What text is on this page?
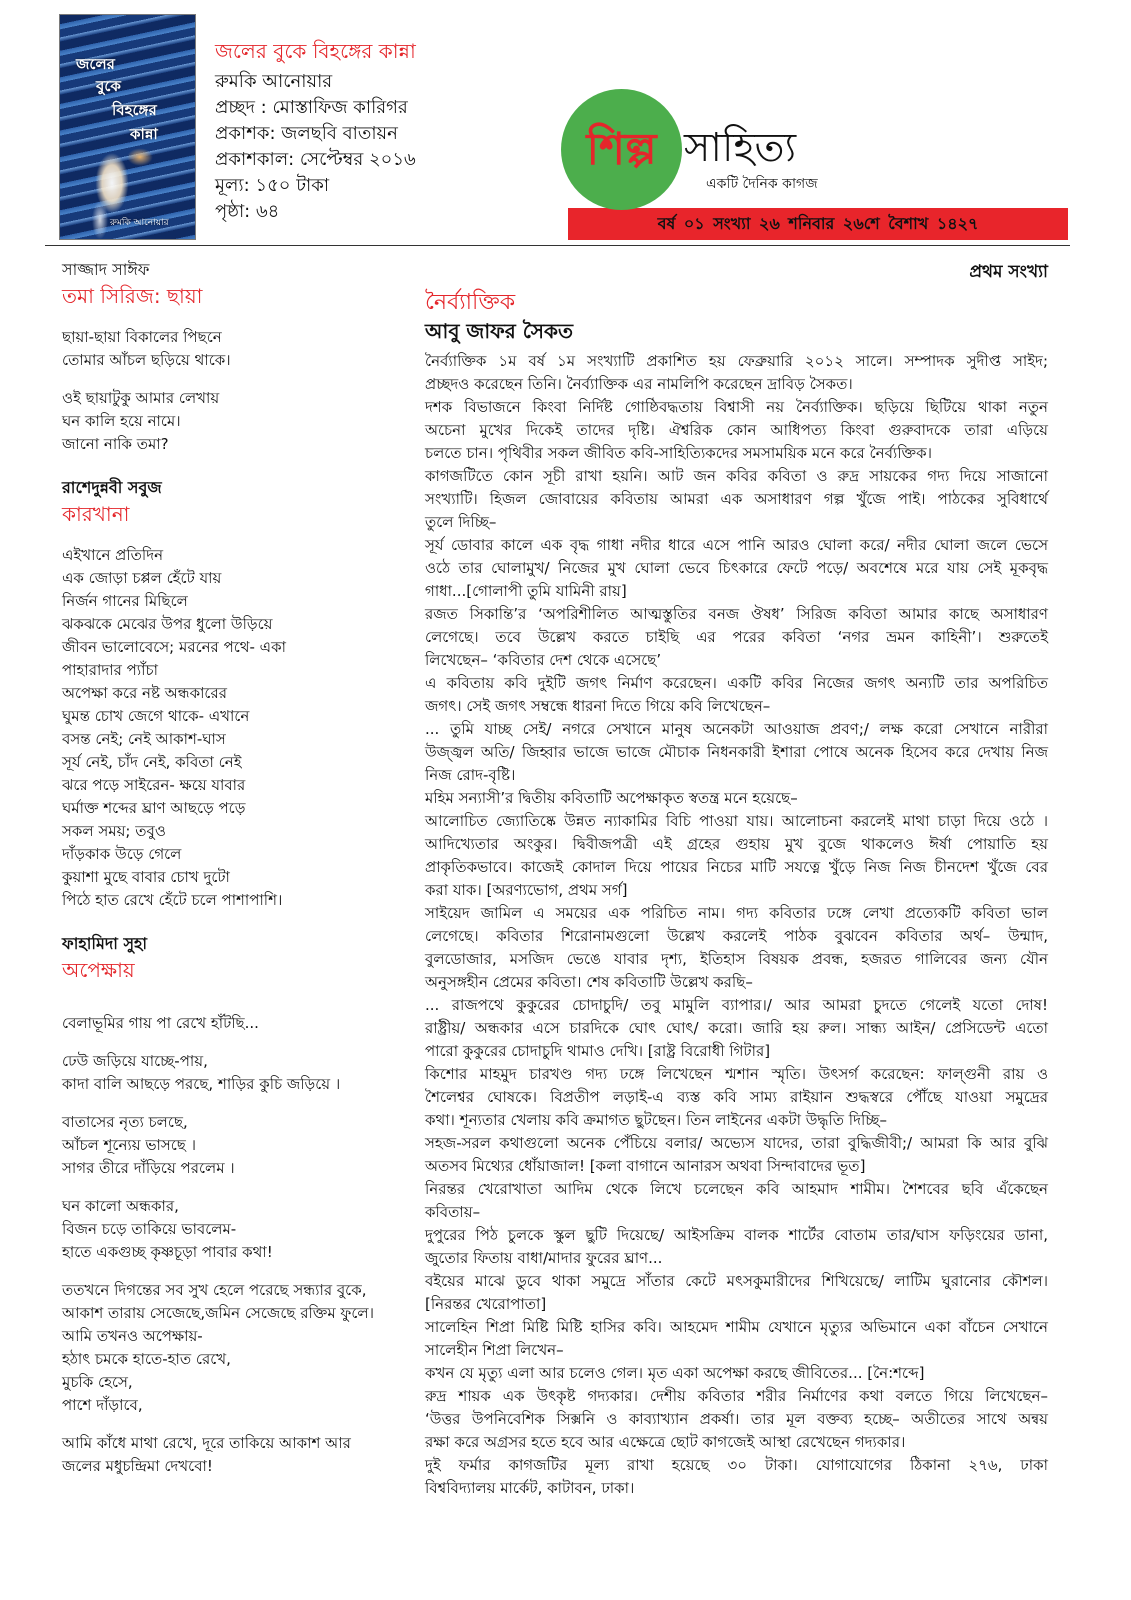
জলের
বুকে
বিহঙ্গের
কান্না
রুমকি আনোয়ার
জলের বুকে বিহঙ্গের কান্না
রুমকি আনোয়ার
প্রচ্ছদ : মোস্তাফিজ কারিগর
প্রকাশক: জলছবি বাতায়ন
প্রকাশকাল: সেপ্টেম্বর ২০১৬
মূল্য: ১৫০ টাকা
পৃষ্ঠা: ৬৪
শিল্প সাহিত্য
একটি দৈনিক কাগজ
বর্ষ ০১ সংখ্যা ২৬ শনিবার ২৬শে বৈশাখ ১৪২৭
সাজ্জাদ সাঈফ
তমা সিরিজ: ছায়া
ছায়া-ছায়া বিকালের পিছনে
তোমার আঁচল ছড়িয়ে থাকে।
ওই ছায়াটুকু আমার লেখায়
ঘন কালি হয়ে নামে।
জানো নাকি তমা?
রাশেদুন্নবী সবুজ
কারখানা
এইখানে প্রতিদিন
এক জোড়া চপ্পল হেঁটে যায়
নির্জন গানের মিছিলে
ঝকঝকে মেঝের উপর ধুলো উড়িয়ে
জীবন ভালোবেসে; মরনের পথে- একা
পাহারাদার প্যাঁচা
অপেক্ষা করে নষ্ট অন্ধকারের
ঘুমন্ত চোখ জেগে থাকে- এখানে
বসন্ত নেই; নেই আকাশ-ঘাস
সূর্য নেই, চাঁদ নেই, কবিতা নেই
ঝরে পড়ে সাইরেন- ক্ষয়ে যাবার
ঘর্মাক্ত শব্দের ঘ্রাণ আছড়ে পড়ে
সকল সময়; তবুও
দাঁড়কাক উড়ে গেলে
কুয়াশা মুছে বাবার চোখ দুটো
পিঠে হাত রেখে হেঁটে চলে পাশাপাশি।
ফাহামিদা সুহা
অপেক্ষায়
বেলাভূমির গায় পা রেখে হাঁটছি...
ঢেউ জড়িয়ে যাচ্ছে-পায়,
কাদা বালি আছড়ে পরছে, শাড়ির কুচি জড়িয়ে ।
বাতাসের নৃত্য চলছে,
আঁচল শূন্যেয় ভাসছে ।
সাগর তীরে দাঁড়িয়ে পরলেম ।
ঘন কালো অন্ধকার,
বিজন চড়ে তাকিয়ে ভাবলেম-
হাতে একগুচ্ছ কৃষ্ণচূড়া পাবার কথা!
ততখনে দিগন্তের সব সুখ হেলে পরেছে সন্ধ্যার বুকে,
আকাশ তারায় সেজেছে,জমিন সেজেছে রক্তিম ফুলে।
আমি তখনও অপেক্ষায়-
হঠাৎ চমকে হাতে-হাত রেখে,
মুচকি হেসে,
পাশে দাঁড়াবে,
আমি কাঁধে মাথা রেখে, দূরে তাকিয়ে আকাশ আর
জলের মধুচন্দ্রিমা দেখবো!
প্রথম সংখ্যা
নৈর্ব্যাক্তিক
আবু জাফর সৈকত
নৈর্ব্যাক্তিক ১ম বর্ষ ১ম সংখ্যাটি প্রকাশিত হয় ফেব্রুয়ারি ২০১২ সালে। সম্পাদক সুদীপ্ত সাইদ;
প্রচ্ছদও করেছেন তিনি। নৈর্ব্যাক্তিক এর নামলিপি করেছেন দ্রাবিড় সৈকত।
দশক বিভাজনে কিংবা নির্দিষ্ট গোষ্ঠিবদ্ধতায় বিশ্বাসী নয় নৈর্ব্যাক্তিক। ছড়িয়ে ছিটিয়ে থাকা নতুন
অচেনা মুখের দিকেই তাদের দৃষ্টি। ঐশ্বরিক কোন আধিপত্য কিংবা গুরুবাদকে তারা এড়িয়ে
চলতে চান। পৃথিবীর সকল জীবিত কবি-সাহিত্যিকদের সমসাময়িক মনে করে নৈর্ব্যক্তিক।
কাগজটিতে কোন সূচী রাখা হয়নি। আট জন কবির কবিতা ও রুদ্র সায়কের গদ্য দিয়ে সাজানো
সংখ্যাটি। হিজল জোবায়ের কবিতায় আমরা এক অসাধারণ গল্প খুঁজে পাই। পাঠকের সুবিধার্থে
তুলে দিচ্ছি–
সূর্য ডোবার কালে এক বৃদ্ধ গাধা নদীর ধারে এসে পানি আরও ঘোলা করে/ নদীর ঘোলা জলে ভেসে
ওঠে তার ঘোলামুখ/ নিজের মুখ ঘোলা ভেবে চিৎকারে ফেটে পড়ে/ অবশেষে মরে যায় সেই মূকবৃদ্ধ
গাধা...[গোলাপী তুমি যামিনী রায়]
রজত সিকান্তি’র ‘অপরিশীলিত আত্মস্তুতির বনজ ঔষধ’ সিরিজ কবিতা আমার কাছে অসাধারণ
লেগেছে। তবে উল্লেখ করতে চাইছি এর পরের কবিতা ‘নগর ভ্রমন কাহিনী’। শুরুতেই
লিখেছেন– ‘কবিতার দেশ থেকে এসেছে’
এ কবিতায় কবি দুইটি জগৎ নির্মাণ করেছেন। একটি কবির নিজের জগৎ অন্যটি তার অপরিচিত
জগৎ। সেই জগৎ সম্বন্ধে ধারনা দিতে গিয়ে কবি লিখেছেন–
... তুমি যাচ্ছ সেই/ নগরে সেখানে মানুষ অনেকটা আওয়াজ প্রবণ;/ লক্ষ করো সেখানে নারীরা
উজ্জ্বল অতি/ জিহ্বার ভাজে ভাজে মৌচাক নিধনকারী ইশারা পোষে অনেক হিসেব করে দেখায় নিজ
নিজ রোদ-বৃষ্টি।
মহিম সন্যাসী’র দ্বিতীয় কবিতাটি অপেক্ষাকৃত স্বতন্ত্র মনে হয়েছে–
আলোচিত জ্যোতিষ্কে উন্নত ন্যাকামির বিচি পাওয়া যায়। আলোচনা করলেই মাথা চাড়া দিয়ে ওঠে ।
আদিখ্যেতার অংকুর। দ্বিবীজপত্রী এই গ্রহের গুহায় মুখ বুজে থাকলেও ঈর্ষা পোয়াতি হয়
প্রাকৃতিকভাবে। কাজেই কোদাল দিয়ে পায়ের নিচের মাটি সযত্নে খুঁড়ে নিজ নিজ চীনদেশ খুঁজে বের
করা যাক। [অরণ্যভোগ, প্রথম সর্গ]
সাইয়েদ জামিল এ সময়ের এক পরিচিত নাম। গদ্য কবিতার ঢঙ্গে লেখা প্রত্যেকটি কবিতা ভাল
লেগেছে। কবিতার শিরোনামগুলো উল্লেখ করলেই পাঠক বুঝবেন কবিতার অর্থ– উন্মাদ,
বুলডোজার, মসজিদ ভেঙে যাবার দৃশ্য, ইতিহাস বিষয়ক প্রবন্ধ, হজরত গালিবের জন্য যৌন
অনুসঙ্গহীন প্রেমের কবিতা। শেষ কবিতাটি উল্লেখ করছি–
... রাজপথে কুকুরের চোদাচুদি/ তবু মামুলি ব্যাপার।/ আর আমরা চুদতে গেলেই যতো দোষ!
রাষ্ট্রীয়/ অন্ধকার এসে চারদিকে ঘোৎ ঘোৎ/ করো। জারি হয় রুল। সান্ধ্য আইন/ প্রেসিডেন্ট এতো
পারো কুকুরের চোদাচুদি থামাও দেখি। [রাষ্ট্র বিরোধী গিটার]
কিশোর মাহমুদ চারখণ্ড গদ্য ঢঙ্গে লিখেছেন শ্মশান স্মৃতি। উৎসর্গ করেছেন: ফাল্গুনী রায় ও
শৈলেশ্বর ঘোষকে। বিপ্রতীপ লড়াই-এ ব্যস্ত কবি সাম্য রাইয়ান শুদ্ধস্বরে পৌঁছে যাওয়া সমুদ্রের
কথা। শূন্যতার খেলায় কবি ক্রমাগত ছুটছেন। তিন লাইনের একটা উদ্ধৃতি দিচ্ছি–
সহজ-সরল কথাগুলো অনেক পেঁচিয়ে বলার/ অভ্যেস যাদের, তারা বুদ্ধিজীবী;/ আমরা কি আর বুঝি
অতসব মিথ্যের ধোঁয়াজাল! [কলা বাগানে আনারস অথবা সিন্দাবাদের ভূত]
নিরন্তর খেরোখাতা আদিম থেকে লিখে চলেছেন কবি আহমাদ শামীম। শৈশবের ছবি এঁকেছেন
কবিতায়–
দুপুরের পিঠ চুলকে স্কুল ছুটি দিয়েছে/ আইসক্রিম বালক শার্টের বোতাম তার/ঘাস ফড়িংয়ের ডানা,
জুতোর ফিতায় বাধা/মাদার ফুরের ঘ্রাণ...
বইয়ের মাঝে ডুবে থাকা সমুদ্রে সাঁতার কেটে মৎসকুমারীদের শিখিয়েছে/ লাটিম ঘুরানোর কৌশল।
[নিরন্তর খেরোপাতা]
সালেহিন শিপ্রা মিষ্টি মিষ্টি হাসির কবি। আহমেদ শামীম যেখানে মৃত্যুর অভিমানে একা বাঁচেন সেখানে
সালেহীন শিপ্রা লিখেন–
কখন যে মৃত্যু এলা আর চলেও গেল। মৃত একা অপেক্ষা করছে জীবিতের... [নৈ:শব্দে]
রুদ্র শায়ক এক উৎকৃষ্ট গদ্যকার। দেশীয় কবিতার শরীর নির্মাণের কথা বলতে গিয়ে লিখেছেন–
‘উত্তর উপনিবেশিক সিক্সনি ও কাব্যাখ্যান প্রকর্ষা। তার মূল বক্তব্য হচ্ছে– অতীতের সাথে অন্বয়
রক্ষা করে অগ্রসর হতে হবে আর এক্ষেত্রে ছোট কাগজেই আস্থা রেখেছেন গদ্যকার।
দুই ফর্মার কাগজটির মূল্য রাখা হয়েছে ৩০ টাকা। যোগাযোগের ঠিকানা ২৭৬, ঢাকা
বিশ্ববিদ্যালয় মার্কেট, কাটাবন, ঢাকা।
